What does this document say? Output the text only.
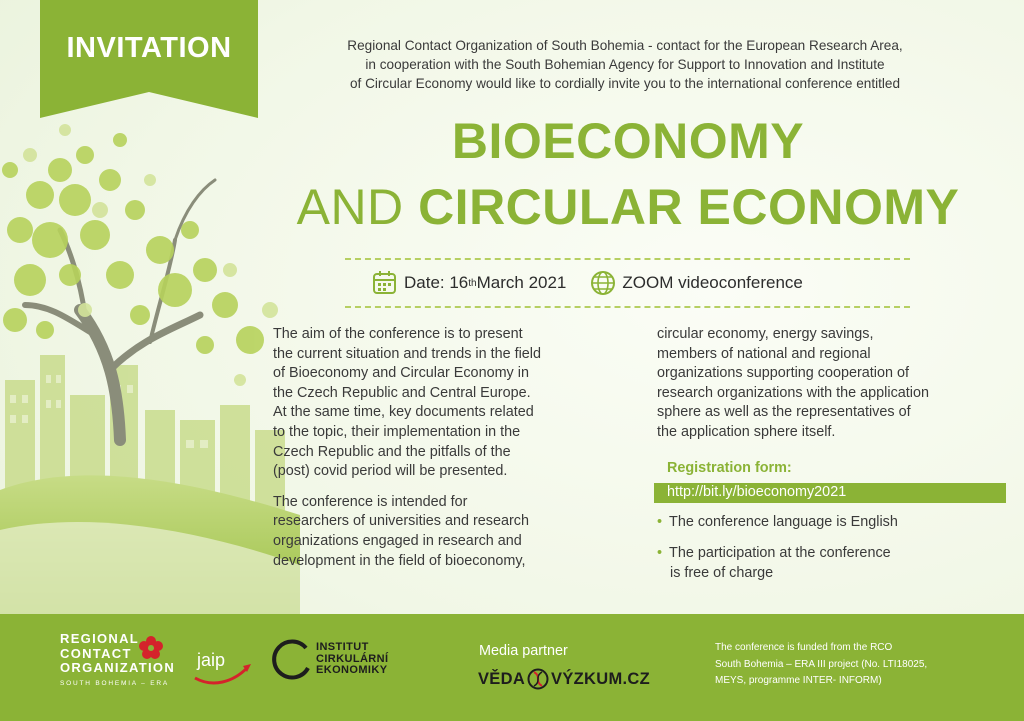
INVITATION	Regional Contact Organization of South Bohemia - contact for the European Research Area,
in cooperation with the South Bohemian Agency for Support to Innovation and Institute
of Circular Economy would like to cordially invite you to the international conference entitled
BIOECONOMY
AND CIRCULAR ECONOMY
Date: 16 th March 2021	ZOOM videoconference

The aim of the conference is to present
the current situation and trends in the field
of Bioeconomy and Circular Economy in
the Czech Republic and Central Europe.
At the same time, key documents related
to the topic, their implementation in the
Czech Republic and the pitfalls of the
(post) covid period will be presented.

The conference is intended for
researchers of universities and research
organizations engaged in research and
development in the field of bioeconomy,

circular economy, energy savings,
members of national and regional
organizations supporting cooperation of
research organizations with the application
sphere as well as the representatives of
the application sphere itself.

Registration form:
http://bit.ly/bioeconomy2021
• The conference language is English
• The participation at the conference
is free of charge
REGIONAL
CONTACT
ORGANIZATION
SOUTH BOHEMIA – ERA
jaip
INSTITUT
CIRKULÁRNÍ
EKONOMIKY
Media partner
VĚDA VÝZKUM.CZ
The conference is funded from the RCO
South Bohemia – ERA III project (No. LTI18025,
MEYS, programme INTER- INFORM)
